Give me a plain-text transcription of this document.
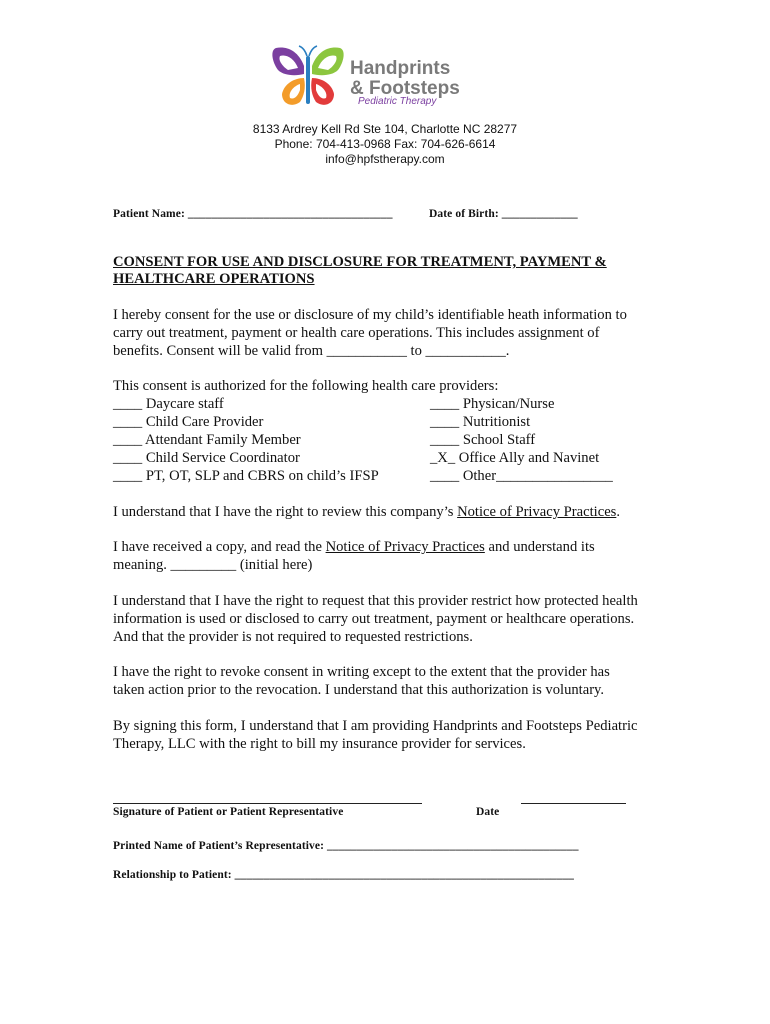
Handprints
& Footsteps
Pediatric Therapy
8133 Ardrey Kell Rd Ste 104, Charlotte NC 28277
Phone: 704-413-0968 Fax: 704-626-6614
info@hpfstherapy.com
Patient Name: ___________________________________	Date of Birth: _____________
CONSENT FOR USE AND DISCLOSURE FOR TREATMENT, PAYMENT &
HEALTHCARE OPERATIONS
I hereby consent for the use or disclosure of my child’s identifiable heath information to
carry out treatment, payment or health care operations. This includes assignment of
benefits. Consent will be valid from ___________ to ___________.
This consent is authorized for the following health care providers:
____ Daycare staff
____ Child Care Provider
____ Attendant Family Member
____ Child Service Coordinator
____ PT, OT, SLP and CBRS on child’s IFSP
____ Physican/Nurse
____ Nutritionist
____ School Staff
_X_ Office Ally and Navinet
____ Other________________
I understand that I have the right to review this company’s Notice of Privacy Practices.
I have received a copy, and read the Notice of Privacy Practices and understand its
meaning. _________ (initial here)
I understand that I have the right to request that this provider restrict how protected health
information is used or disclosed to carry out treatment, payment or healthcare operations.
And that the provider is not required to requested restrictions.
I have the right to revoke consent in writing except to the extent that the provider has
taken action prior to the revocation. I understand that this authorization is voluntary.
By signing this form, I understand that I am providing Handprints and Footsteps Pediatric
Therapy, LLC with the right to bill my insurance provider for services.
Signature of Patient or Patient Representative	Date
Printed Name of Patient’s Representative: ___________________________________________
Relationship to Patient: __________________________________________________________
